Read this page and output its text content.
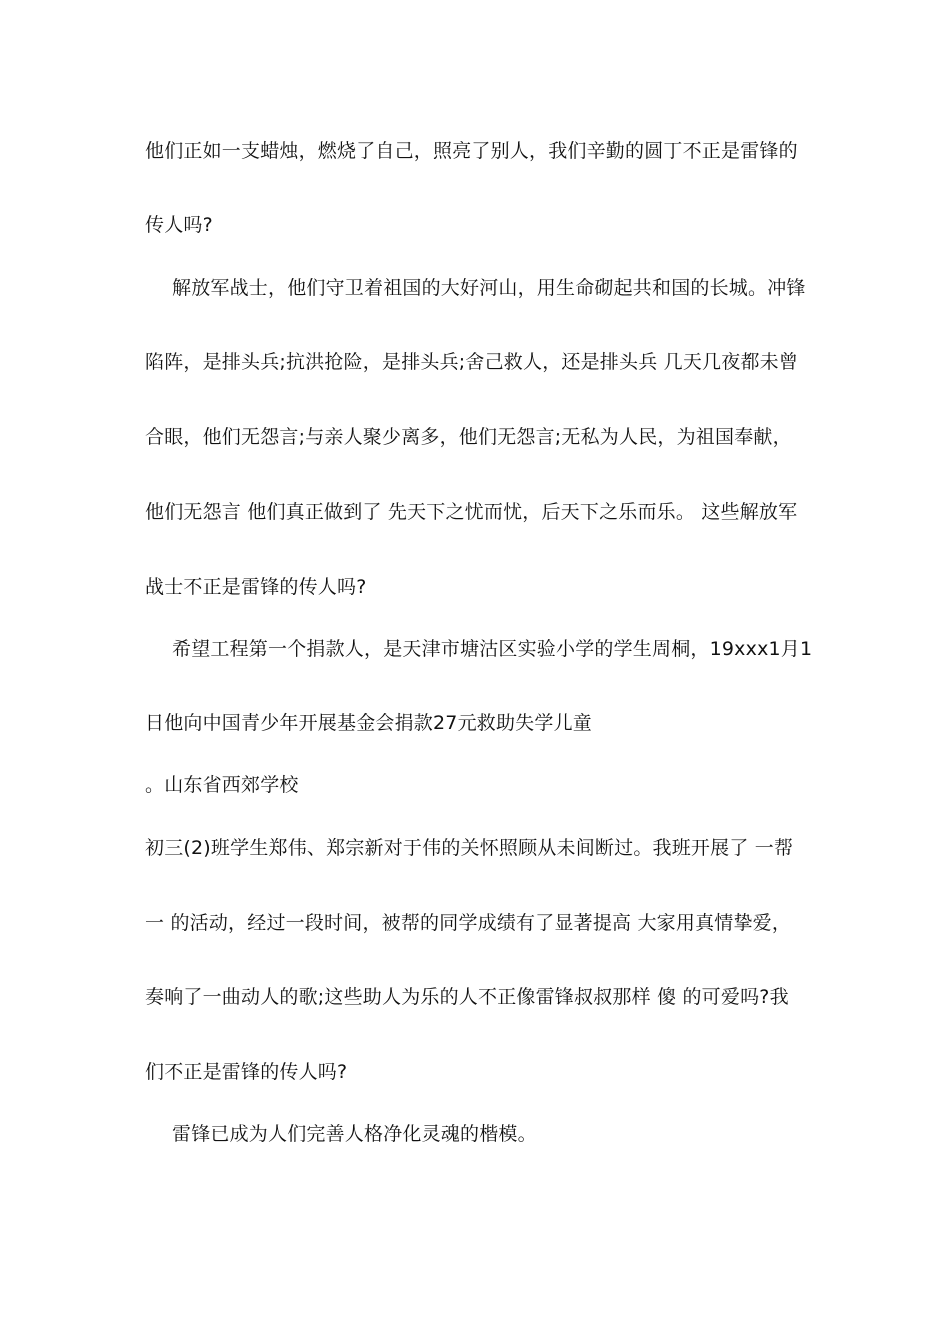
他们正如一支蜡烛，燃烧了自己，照亮了别人，我们辛勤的圆丁不正是雷锋的
传人吗?
解放军战士，他们守卫着祖国的大好河山，用生命砌起共和国的长城。冲锋
陷阵，是排头兵;抗洪抢险，是排头兵;舍己救人，还是排头兵 几天几夜都未曾
合眼，他们无怨言;与亲人聚少离多，他们无怨言;无私为人民，为祖国奉献，
他们无怨言 他们真正做到了 先天下之忧而忧，后天下之乐而乐。 这些解放军
战士不正是雷锋的传人吗?
希望工程第一个捐款人，是天津市塘沽区实验小学的学生周桐，19xxx1月1
日他向中国青少年开展基金会捐款27元救助失学儿童
。山东省西郊学校
初三(2)班学生郑伟、郑宗新对于伟的关怀照顾从未间断过。我班开展了 一帮
一 的活动，经过一段时间，被帮的同学成绩有了显著提高 大家用真情挚爱，
奏响了一曲动人的歌;这些助人为乐的人不正像雷锋叔叔那样 傻 的可爱吗?我
们不正是雷锋的传人吗?
雷锋已成为人们完善人格净化灵魂的楷模。
